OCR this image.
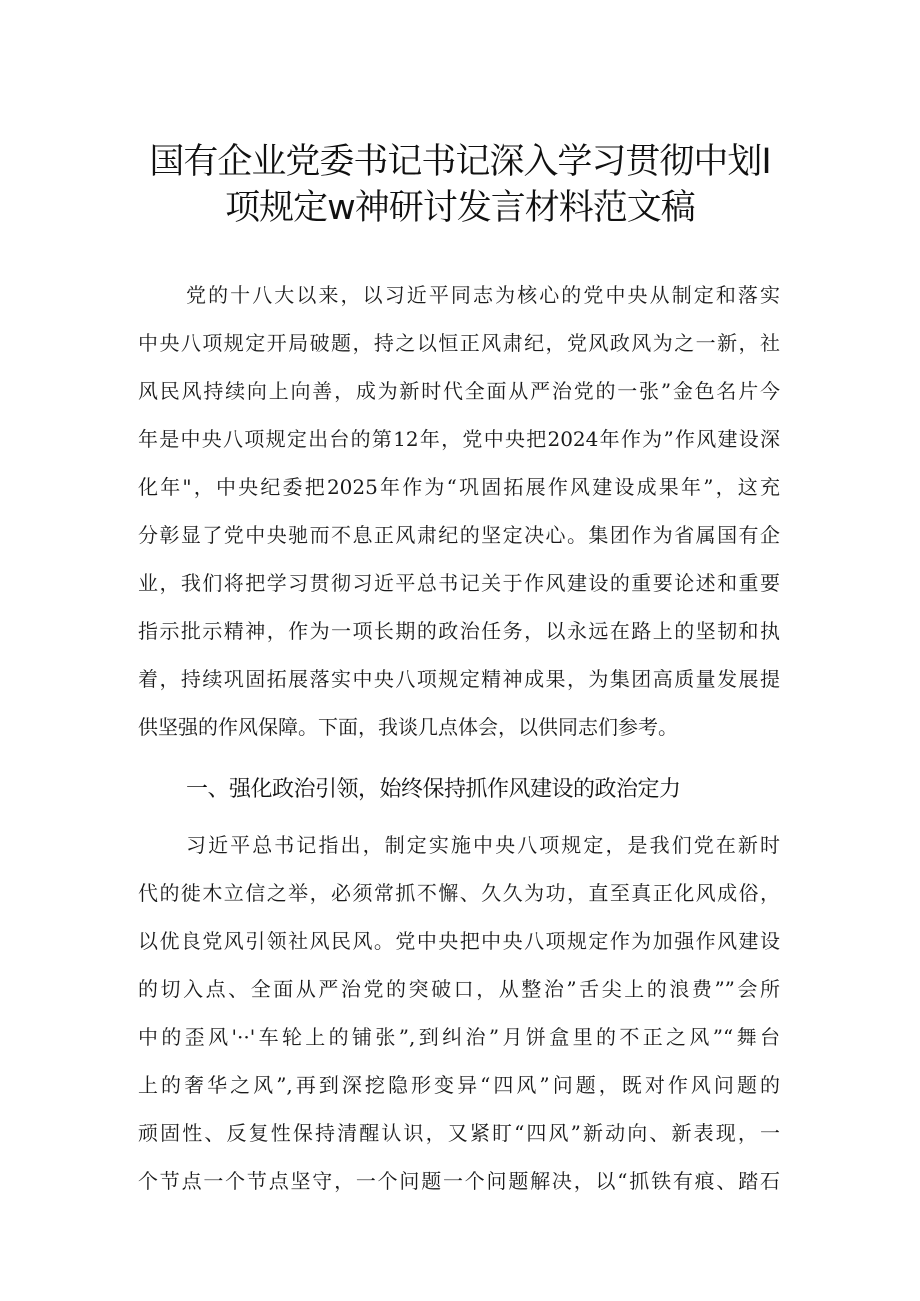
国有企业党委书记书记深入学习贯彻中划I
项规定w神研讨发言材料范文稿
党的十八大以来，以习近平同志为核心的党中央从制定和落实
中央八项规定开局破题，持之以恒正风肃纪，党风政风为之一新，社
风民风持续向上向善，成为新时代全面从严治党的一张”金色名片今
年是中央八项规定出台的第12年，党中央把2024年作为”作风建设深
化年"，中央纪委把2025年作为“巩固拓展作风建设成果年”，这充
分彰显了党中央驰而不息正风肃纪的坚定决心。集团作为省属国有企
业，我们将把学习贯彻习近平总书记关于作风建设的重要论述和重要
指示批示精神，作为一项长期的政治任务，以永远在路上的坚韧和执
着，持续巩固拓展落实中央八项规定精神成果，为集团高质量发展提
供坚强的作风保障。下面，我谈几点体会，以供同志们参考。
一、强化政治引领，始终保持抓作风建设的政治定力
习近平总书记指出，制定实施中央八项规定，是我们党在新时
代的徙木立信之举，必须常抓不懈、久久为功，直至真正化风成俗，
以优良党风引领社风民风。党中央把中央八项规定作为加强作风建设
的切入点、全面从严治党的突破口，从整治”舌尖上的浪费””会所
中的歪风'··'车轮上的铺张”,到纠治”月饼盒里的不正之风”“舞台
上的奢华之风”,再到深挖隐形变异“四风”问题，既对作风问题的
顽固性、反复性保持清醒认识，又紧盯“四风”新动向、新表现，一
个节点一个节点坚守，一个问题一个问题解决，以“抓铁有痕、踏石
